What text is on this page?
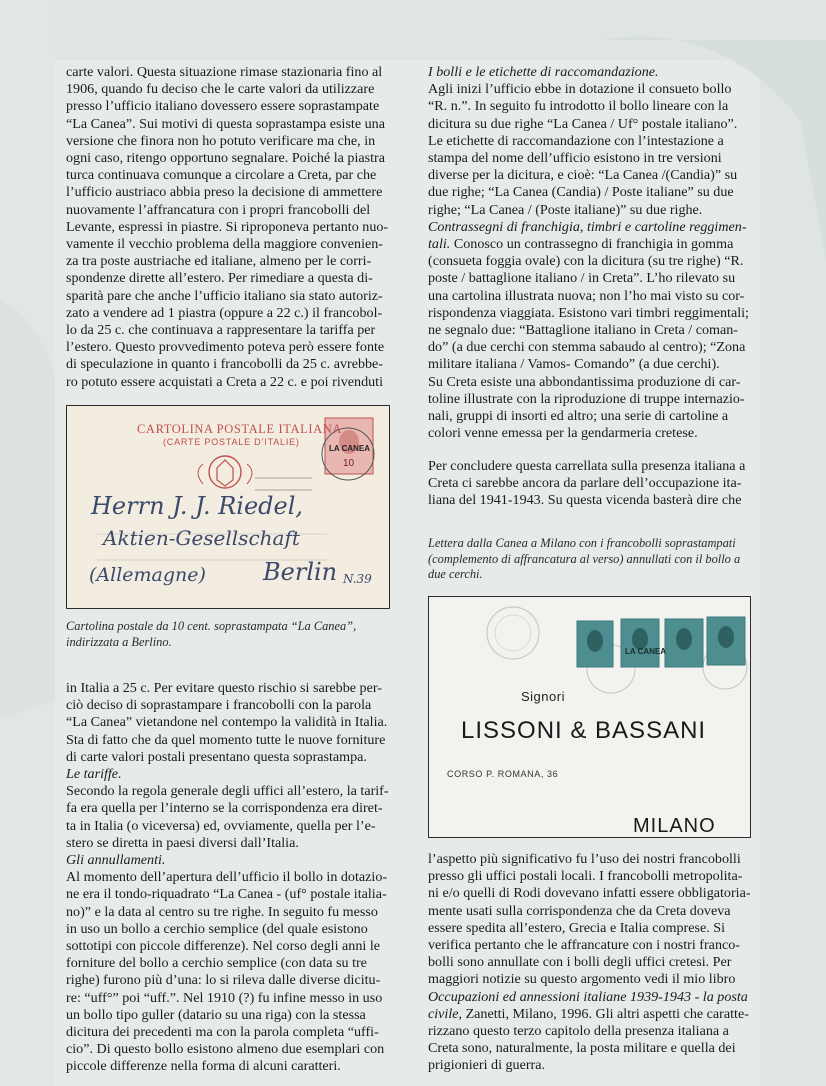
carte valori. Questa situazione rimase stazionaria fino al
1906, quando fu deciso che le carte valori da utilizzare
presso l’ufficio italiano dovessero essere soprastampate
“La Canea”. Sui motivi di questa soprastampa esiste una
versione che finora non ho potuto verificare ma che, in
ogni caso, ritengo opportuno segnalare. Poiché la piastra
turca continuava comunque a circolare a Creta, par che
l’ufficio austriaco abbia preso la decisione di ammettere
nuovamente l’affrancatura con i propri francobolli del
Levante, espressi in piastre. Si riproponeva pertanto nuo-
vamente il vecchio problema della maggiore convenien-
za tra poste austriache ed italiane, almeno per le corri-
spondenze dirette all’estero. Per rimediare a questa di-
sparità pare che anche l’ufficio italiano sia stato autoriz-
zato a vendere ad 1 piastra (oppure a 22 c.) il francobol-
lo da 25 c. che continuava a rappresentare la tariffa per
l’estero. Questo provvedimento poteva però essere fonte
di speculazione in quanto i francobolli da 25 c. avrebbe-
ro potuto essere acquistati a Creta a 22 c. e poi rivenduti
CARTOLINA POSTALE ITALIANA
(CARTE POSTALE D’ITALIE)
LA CANEA
10
Herrn J. J. Riedel,
Aktien-Gesellschaft
(Allemagne) Berlin N.39
Cartolina postale da 10 cent. soprastampata “La Canea”,
indirizzata a Berlino.
in Italia a 25 c. Per evitare questo rischio si sarebbe per-
ciò deciso di soprastampare i francobolli con la parola
“La Canea” vietandone nel contempo la validità in Italia.
Sta di fatto che da quel momento tutte le nuove forniture
di carte valori postali presentano questa soprastampa.
Le tariffe.
Secondo la regola generale degli uffici all’estero, la tarif-
fa era quella per l’interno se la corrispondenza era diret-
ta in Italia (o viceversa) ed, ovviamente, quella per l’e-
stero se diretta in paesi diversi dall’Italia.
Gli annullamenti.
Al momento dell’apertura dell’ufficio il bollo in dotazio-
ne era il tondo-riquadrato “La Canea - (uf° postale italia-
no)” e la data al centro su tre righe. In seguito fu messo
in uso un bollo a cerchio semplice (del quale esistono
sottotipi con piccole differenze). Nel corso degli anni le
forniture del bollo a cerchio semplice (con data su tre
righe) furono più d’una: lo si rileva dalle diverse dicitu-
re: “uff°” poi “uff.”. Nel 1910 (?) fu infine messo in uso
un bollo tipo guller (datario su una riga) con la stessa
dicitura dei precedenti ma con la parola completa “uffi-
cio”. Di questo bollo esistono almeno due esemplari con
piccole differenze nella forma di alcuni caratteri.
I bolli e le etichette di raccomandazione.
Agli inizi l’ufficio ebbe in dotazione il consueto bollo
“R. n.”. In seguito fu introdotto il bollo lineare con la
dicitura su due righe “La Canea / Uf° postale italiano”.
Le etichette di raccomandazione con l’intestazione a
stampa del nome dell’ufficio esistono in tre versioni
diverse per la dicitura, e cioè: “La Canea /(Candia)” su
due righe; “La Canea (Candia) / Poste italiane” su due
righe; “La Canea / (Poste italiane)” su due righe.
Contrassegni di franchigia, timbri e cartoline reggimen-
tali. Conosco un contrassegno di franchigia in gomma
(consueta foggia ovale) con la dicitura (su tre righe) “R.
poste / battaglione italiano / in Creta”. L’ho rilevato su
una cartolina illustrata nuova; non l’ho mai visto su cor-
rispondenza viaggiata. Esistono vari timbri reggimentali;
ne segnalo due: “Battaglione italiano in Creta / coman-
do” (a due cerchi con stemma sabaudo al centro); “Zona
militare italiana / Vamos- Comando” (a due cerchi).
Su Creta esiste una abbondantissima produzione di car-
toline illustrate con la riproduzione di truppe internazio-
nali, gruppi di insorti ed altro; una serie di cartoline a
colori venne emessa per la gendarmeria cretese.
Per concludere questa carrellata sulla presenza italiana a
Creta ci sarebbe ancora da parlare dell’occupazione ita-
liana del 1941-1943. Su questa vicenda basterà dire che
Lettera dalla Canea a Milano con i francobolli soprastampati
(complemento di affrancatura al verso) annullati con il bollo a
due cerchi.
LA CANEA
Signori
LISSONI & BASSANI
CORSO P. ROMANA, 36
MILANO
l’aspetto più significativo fu l’uso dei nostri francobolli
presso gli uffici postali locali. I francobolli metropolita-
ni e/o quelli di Rodi dovevano infatti essere obbligatoria-
mente usati sulla corrispondenza che da Creta doveva
essere spedita all’estero, Grecia e Italia comprese. Si
verifica pertanto che le affrancature con i nostri franco-
bolli sono annullate con i bolli degli uffici cretesi. Per
maggiori notizie su questo argomento vedi il mio libro
Occupazioni ed annessioni italiane 1939-1943 - la posta
civile, Zanetti, Milano, 1996. Gli altri aspetti che caratte-
rizzano questo terzo capitolo della presenza italiana a
Creta sono, naturalmente, la posta militare e quella dei
prigionieri di guerra.
